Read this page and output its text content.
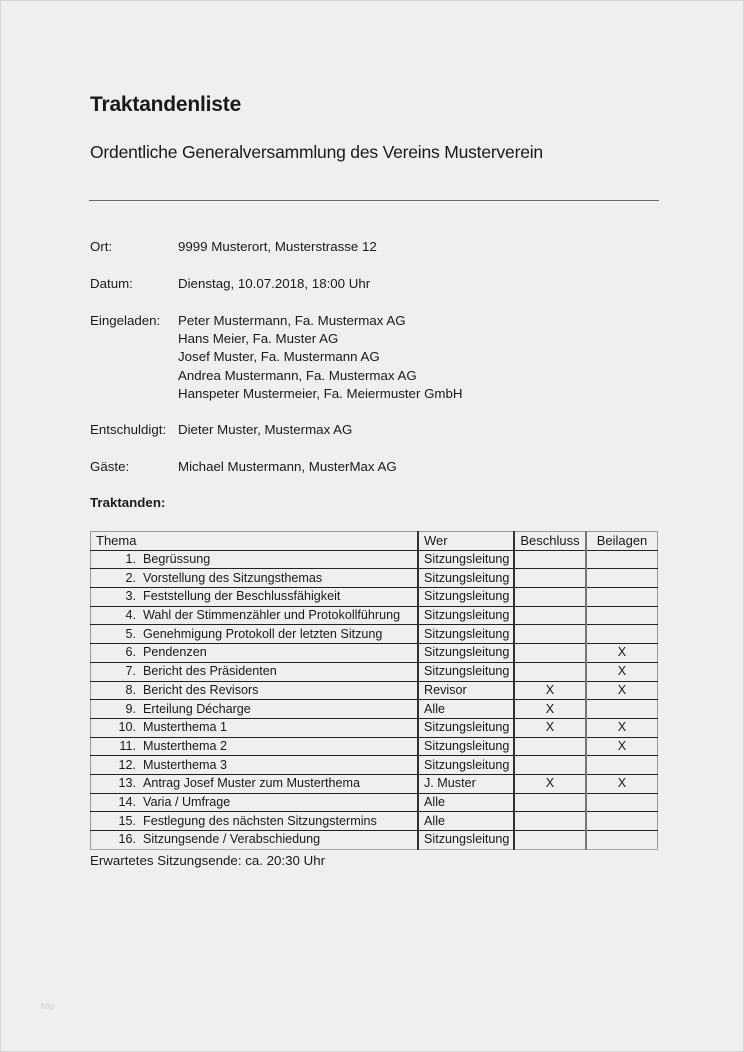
Traktandenliste
Ordentliche Generalversammlung des Vereins Musterverein
Ort:	9999 Musterort, Musterstrasse 12
Datum:	Dienstag, 10.07.2018, 18:00 Uhr
Eingeladen:	Peter Mustermann, Fa. Mustermax AG
Hans Meier, Fa. Muster AG
Josef Muster, Fa. Mustermann AG
Andrea Mustermann, Fa. Mustermax AG
Hanspeter Mustermeier, Fa. Meiermuster GmbH
Entschuldigt: Dieter Muster, Mustermax AG
Gäste:	Michael Mustermann, MusterMax AG
Traktanden:
Thema	Wer	Beschluss	Beilagen
1. Begrüssung	Sitzungsleitung		
2. Vorstellung des Sitzungsthemas	Sitzungsleitung		
3. Feststellung der Beschlussfähigkeit	Sitzungsleitung		
4. Wahl der Stimmenzähler und Protokollführung	Sitzungsleitung		
5. Genehmigung Protokoll der letzten Sitzung	Sitzungsleitung		
6. Pendenzen	Sitzungsleitung		X
7. Bericht des Präsidenten	Sitzungsleitung		X
8. Bericht des Revisors	Revisor	X	X
9. Erteilung Décharge	Alle	X	
10. Musterthema 1	Sitzungsleitung	X	X
11. Musterthema 2	Sitzungsleitung		X
12. Musterthema 3	Sitzungsleitung		
13. Antrag Josef Muster zum Musterthema	J. Muster	X	X
14. Varia / Umfrage	Alle		
15. Festlegung des nächsten Sitzungstermins	Alle		
16. Sitzungsende / Verabschiedung	Sitzungsleitung		
Erwartetes Sitzungsende: ca. 20:30 Uhr
http
